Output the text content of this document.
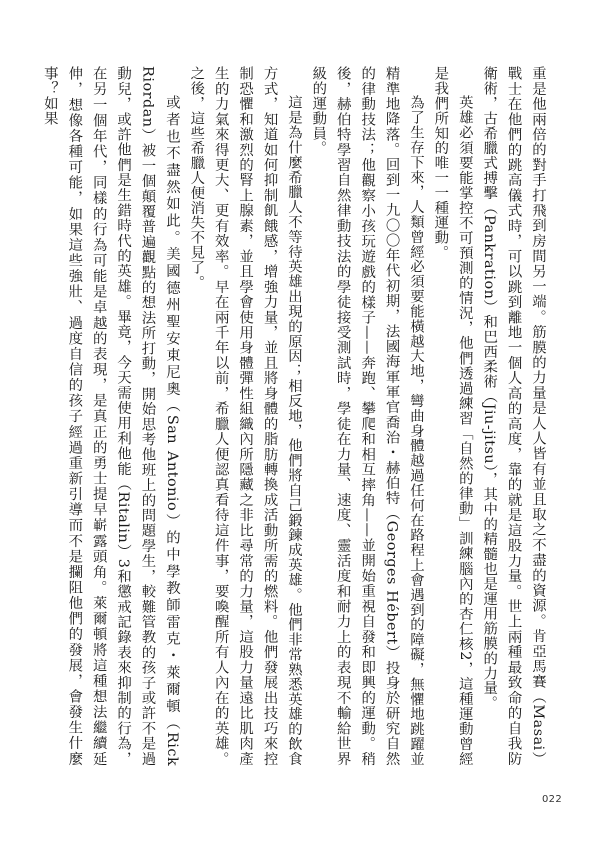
重是他兩倍的對手打飛到房間另一端。筋膜的力量是人人皆有並且取之不盡的資源。肯亞馬賽（Masai）戰士在他們的跳高儀式時，可以跳到離地一個人高的高度，靠的就是這股力量。世上兩種最致命的自我防衛術，古希臘式搏擊（Pankration）和巴西柔術（Jiu-jitsu），其中的精髓也是運用筋膜的力量。

英雄必須要能掌控不可預測的情況，他們透過練習「自然的律動」訓練腦內的杏仁核2，這種運動曾經是我們所知的唯一一種運動。

為了生存下來，人類曾經必須要能橫越大地，彎曲身體越過任何在路程上會遇到的障礙，無懼地跳躍並精準地降落。回到一九〇〇年代初期，法國海軍軍官喬治・赫伯特（Georges Hébert）投身於研究自然的律動技法；他觀察小孩玩遊戲的樣子——奔跑、攀爬和相互摔角——並開始重視自發和即興的運動。稍後，赫伯特學習自然律動技法的學徒接受測試時，學徒在力量、速度、靈活度和耐力上的表現不輸給世界級的運動員。

這是為什麼希臘人不等待英雄出現的原因；相反地，他們將自己鍛鍊成英雄。他們非常熟悉英雄的飲食方式，知道如何抑制飢餓感，增強力量，並且將身體的脂肪轉換成活動所需的燃料。他們發展出技巧來控制恐懼和激烈的腎上腺素，並且學會使用身體彈性組織內所隱藏之非比尋常的力量，這股力量遠比肌肉產生的力氣來得更大、更有效率。早在兩千年以前，希臘人便認真看待這件事，要喚醒所有人內在的英雄。之後，這些希臘人便消失不見了。

或者也不盡然如此。美國德州聖安東尼奧（San Antonio）的中學教師雷克・萊爾頓（Rick Riordan）被一個顛覆普遍觀點的想法所打動，開始思考他班上的問題學生，較難管教的孩子或許不是過動兒，或許他們是生錯時代的英雄。畢竟，今天需使用利他能（Ritalin）3和懲戒記錄表來抑制的行為，在另一個年代，同樣的行為可能是卓越的表現，是真正的勇士提早嶄露頭角。萊爾頓將這種想法繼續延伸，想像各種可能，如果這些強壯、過度自信的孩子經過重新引導而不是攔阻他們的發展，會發生什麼事？如果

022
